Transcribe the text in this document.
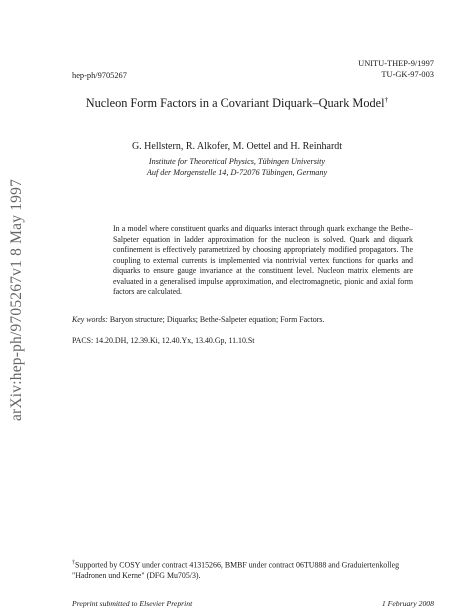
arXiv:hep-ph/9705267v1 8 May 1997
hep-ph/9705267
UNITU-THEP-9/1997
TU-GK-97-003
Nucleon Form Factors in a Covariant Diquark–Quark Model†
G. Hellstern, R. Alkofer, M. Oettel and H. Reinhardt
Institute for Theoretical Physics, Tübingen University
Auf der Morgenstelle 14, D-72076 Tübingen, Germany
In a model where constituent quarks and diquarks interact through quark exchange the Bethe–Salpeter equation in ladder approximation for the nucleon is solved. Quark and diquark confinement is effectively parametrized by choosing appropriately modified propagators. The coupling to external currents is implemented via nontrivial vertex functions for quarks and diquarks to ensure gauge invariance at the constituent level. Nucleon matrix elements are evaluated in a generalised impulse approximation, and electromagnetic, pionic and axial form factors are calculated.
Key words: Baryon structure; Diquarks; Bethe-Salpeter equation; Form Factors.
PACS: 14.20.DH, 12.39.Ki, 12.40.Yx, 13.40.Gp, 11.10.St
†Supported by COSY under contract 41315266, BMBF under contract 06TU888 and Graduiertenkolleg "Hadronen und Kerne" (DFG Mu705/3).
Preprint submitted to Elsevier Preprint	1 February 2008
